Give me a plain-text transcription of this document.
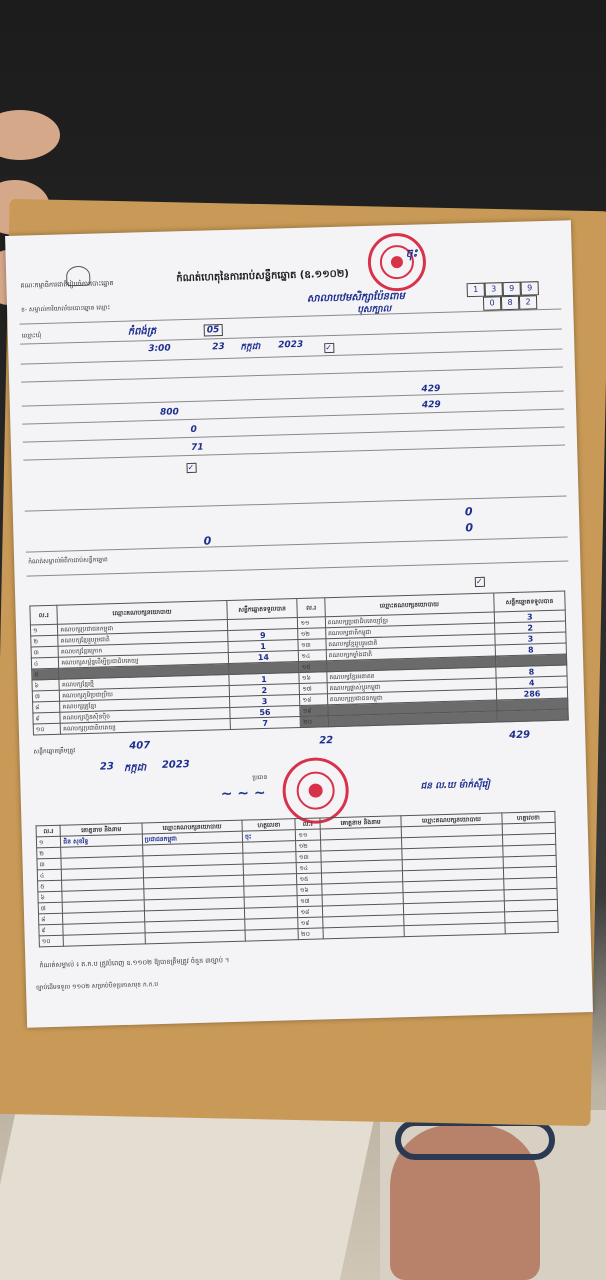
គណៈកម្មាធិការជាតិរៀបចំការបោះឆ្នោត
កំណត់ហេតុនៃការរាប់សន្លឹកឆ្នោត (ឧ.១១០២)
ចុះ
1	3	9	9
0	8	2
ខ- សម្គាល់ការិយាល័យបោះឆ្នោត ឈ្មោះ
សាលាបឋមសិក្សាប៉ែនពាម
បុសក្បាល
ឈ្មោះឃុំ	កំពង់ត្រ	05
3:00	23 កក្កដា 2023	✓
800
429
429
0
71
✓
0
0
0
កំណត់សម្គាល់អំពីការរាប់សន្លឹកឆ្នោត
✓
ល.រ	ឈ្មោះគណបក្សនយោបាយ	សន្លឹកឆ្នោតទទួលបាន	ល.រ	ឈ្មោះគណបក្សនយោបាយ	សន្លឹកឆ្នោតទទួលបាន
១	គណបក្សប្រជាជនកម្ពុជា		១១	គណបក្សប្រជាធិបតេយ្យខ្មែរ	3
២	គណបក្សខ្មែររួបរួមជាតិ	9	១២	គណបក្សជាតិកម្ពុជា	2
៣	គណបក្សខ្មែរក្រោក	1	១៣	គណបក្សខ្មែររួបរួមជាតិ	3
៤	គណបក្សសម្ព័ន្ធដើម្បីប្រជាធិបតេយ្យ	14	១៤	គណបក្សកម្លាំងជាតិ	8
៥			១៥		
៦	គណបក្សខ្មែរថ្មី	1	១៦	គណបក្សខ្មែរអនាគត	8
៧	គណបក្សភូមិប្រជាប្រិយ	2	១៧	គណបក្សផ្លាស់ប្តូរកម្ពុជា	4
៨	គណបក្សគ្រូខ្មែរ	3	១៨	គណបក្សប្រជាជនកម្ពុជា	286
៩	គណបក្សហ៊្វុនស៊ិនប៉ិច	56	១៩		
១០	គណបក្សប្រជាធិបតេយ្យ	7	២០		
សន្លឹកឆ្នោតត្រឹមត្រូវ	407	22	429
23 កក្កដា 2023
ប្រធាន
~ ~ ~	ជន ល.ឃ ម៉ាក់ស៊ីរៀ
ល.រ	គោត្តនាម និងនាម	ឈ្មោះគណបក្សនយោបាយ	ហត្ថលេខា	ល.រ	គោត្តនាម និងនាម	ឈ្មោះគណបក្សនយោបាយ	ហត្ថលេខា
១	ជិន សុខរិទ្ធ	ប្រជាជនកម្ពុជា	ចុះ	១១			
២				១២			
៣				១៣			
៤				១៤			
៥				១៥			
៦				១៦			
៧				១៧			
៨				១៨			
៩				១៩			
១០				២០			
កំណត់សម្គាល់ ៖ ត.ក.ប ត្រូវបំពេញ ឧ.១១០២ ឱ្យបានត្រឹមត្រូវ ចំនួន ៣ច្បាប់ ។
ច្បាប់ដើមទទួល ១១០២ សម្រាប់បិទប្រកាសមុខ ក.ក.ប
